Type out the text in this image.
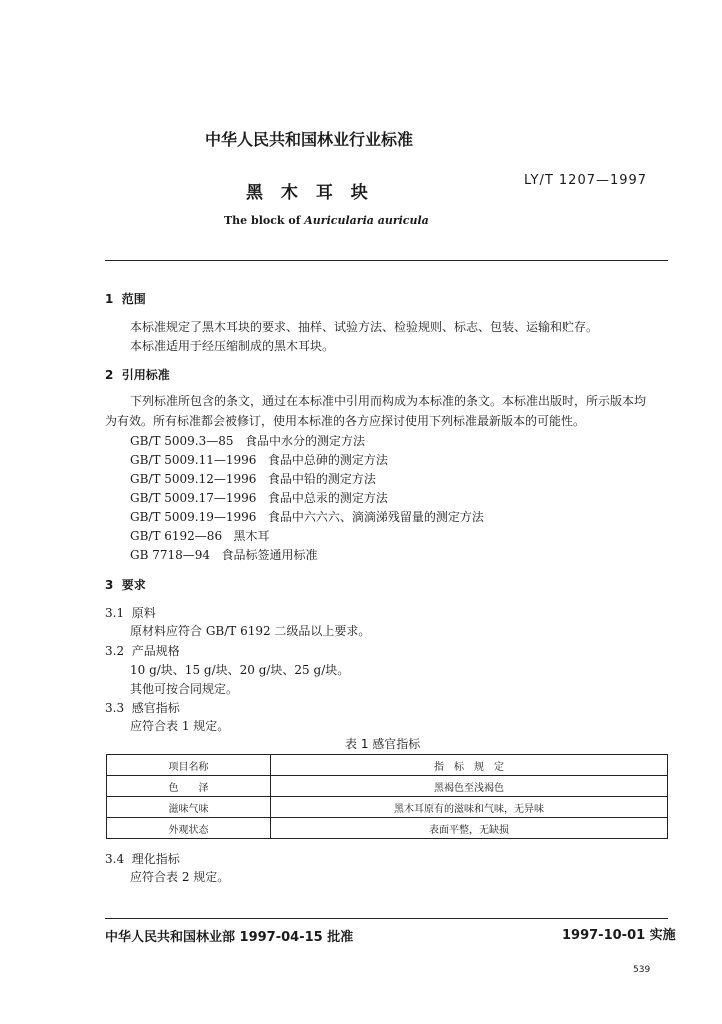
中华人民共和国林业行业标准
黑 木 耳 块
LY/T 1207—1997
The block of Auricularia auricula
1 范围
本标准规定了黑木耳块的要求、抽样、试验方法、检验规则、标志、包装、运输和贮存。
本标准适用于经压缩制成的黑木耳块。
2 引用标准
下列标准所包含的条文，通过在本标准中引用而构成为本标准的条文。本标准出版时，所示版本均
为有效。所有标准都会被修订，使用本标准的各方应探讨使用下列标准最新版本的可能性。
GB/T 5009.3—85 食品中水分的测定方法
GB/T 5009.11—1996 食品中总砷的测定方法
GB/T 5009.12—1996 食品中铅的测定方法
GB/T 5009.17—1996 食品中总汞的测定方法
GB/T 5009.19—1996 食品中六六六、滴滴涕残留量的测定方法
GB/T 6192—86 黑木耳
GB 7718—94 食品标签通用标准
3 要求
3.1 原料
原材料应符合 GB/T 6192 二级品以上要求。
3.2 产品规格
10 g/块、15 g/块、20 g/块、25 g/块。
其他可按合同规定。
3.3 感官指标
应符合表 1 规定。
表 1 感官指标
项目名称	指　标　规　定
色　　泽	黑褐色至浅褐色
滋味气味	黑木耳原有的滋味和气味，无异味
外观状态	表面平整，无缺损
3.4 理化指标
应符合表 2 规定。
中华人民共和国林业部 1997-04-15 批准	1997-10-01 实施
539
